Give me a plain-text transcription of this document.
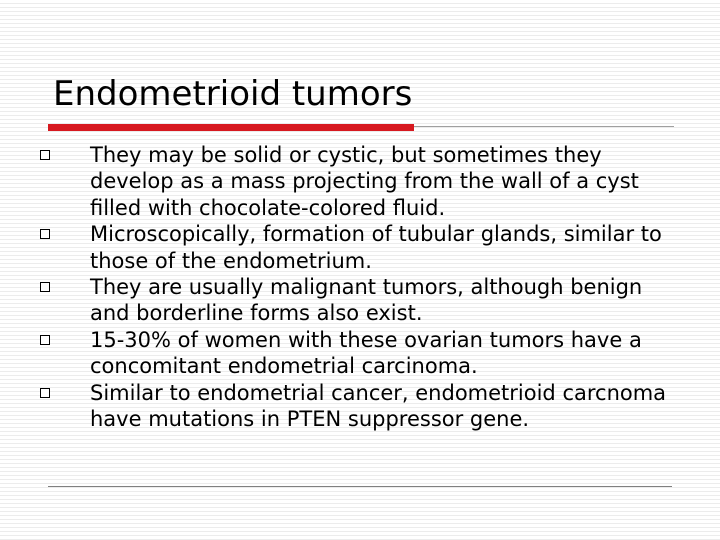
Endometrioid tumors
They may be solid or cystic, but sometimes they develop as a mass projecting from the wall of a cyst filled with chocolate-colored fluid.
Microscopically, formation of tubular glands, similar to those of the endometrium.
They are usually malignant tumors, although benign and borderline forms also exist.
15-30% of women with these ovarian tumors have a concomitant endometrial carcinoma.
Similar to endometrial cancer, endometrioid carcnoma have mutations in PTEN suppressor gene.
